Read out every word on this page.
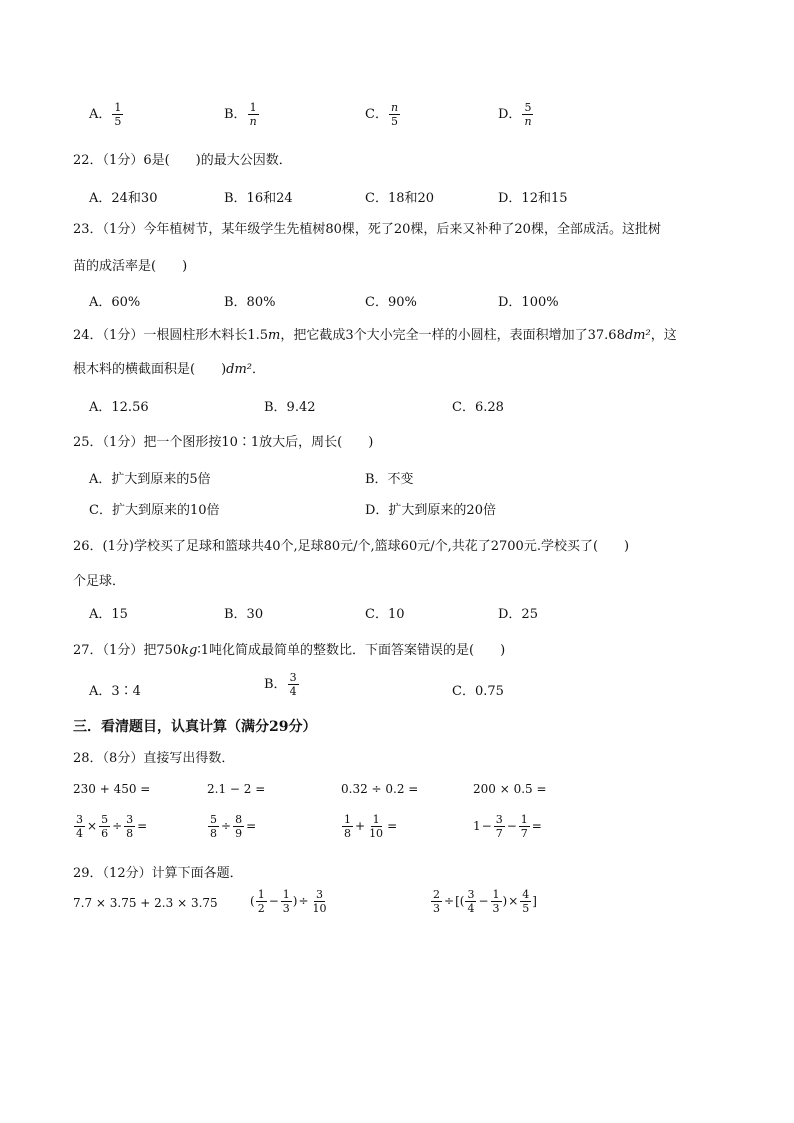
A． $\frac{1}{5}$	B． $\frac{1}{n}$	C． $\frac{n}{5}$	D． $\frac{5}{n}$
22．（1分）6是(　　)的最大公因数．
A．24和30	B．16和24	C．18和20	D．12和15
23．（1分）今年植树节，某年级学生先植树80棵，死了20棵，后来又补种了20棵，全部成活。这批树
苗的成活率是(　　)
A．60%	B．80%	C．90%	D．100%
24．（1分）一根圆柱形木料长1.5m，把它截成3个大小完全一样的小圆柱，表面积增加了37.68dm²，这
根木料的横截面积是(　　)dm²．
A．12.56	B．9.42	C．6.28
25．（1分）把一个图形按10∶1放大后，周长(　　)
A．扩大到原来的5倍	B．不变
C．扩大到原来的10倍	D．扩大到原来的20倍
26．(1分)学校买了足球和篮球共40个,足球80元/个,篮球60元/个,共花了2700元.学校买了(　　)
个足球．
A．15	B．30	C．10	D．25
27．（1分）把750kg∶1吨化简成最简单的整数比．下面答案错误的是(　　)
A．3∶4	B． $\frac{3}{4}$	C．0.75
三．看清题目，认真计算（满分29分）
28．（8分）直接写出得数．
230 + 450 =	2.1 − 2 =	0.32 ÷ 0.2 =	200 × 0.5 =
$\frac{3}{4} \times \frac{5}{6} \div \frac{3}{8}$ =	$\frac{5}{8} \div \frac{8}{9}$ =	$\frac{1}{8} + \frac{1}{10}$ =	$1- \frac{3}{7} - \frac{1}{7}$ =
29．（12分）计算下面各题．
7.7 × 3.75 + 2.3 × 3.75	( $\frac{1}{2} - \frac{1}{3}$ )÷ $\frac{3}{10}$	$\frac{2}{3}$ ÷[( $\frac{3}{4} - \frac{1}{3}$ )× $\frac{4}{5}$ ]
